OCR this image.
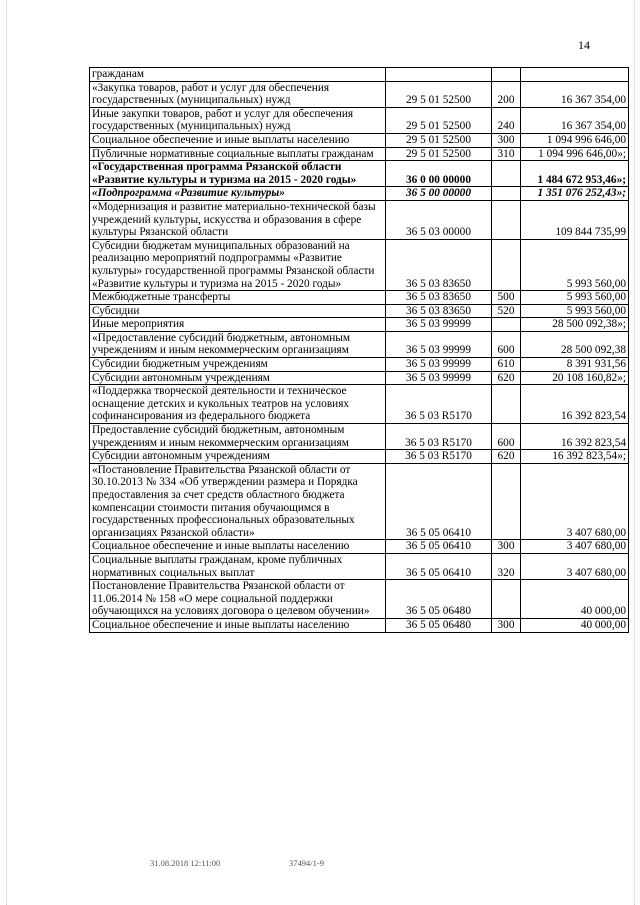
14
гражданам			
«Закупка товаров, работ и услуг для обеспечения государственных (муниципальных) нужд	29 5 01 52500	200	16 367 354,00
Иные закупки товаров, работ и услуг для обеспечения государственных (муниципальных) нужд	29 5 01 52500	240	16 367 354,00
Социальное обеспечение и иные выплаты населению	29 5 01 52500	300	1 094 996 646,00
Публичные нормативные социальные выплаты гражданам	29 5 01 52500	310	1 094 996 646,00»;
«Государственная программа Рязанской области «Развитие культуры и туризма на 2015 - 2020 годы»	36 0 00 00000		1 484 672 953,46»;
«Подпрограмма «Развитие культуры»	36 5 00 00000		1 351 076 252,43»;
«Модернизация и развитие материально-технической базы учреждений культуры, искусства и образования в сфере культуры Рязанской области	36 5 03 00000		109 844 735,99
Субсидии бюджетам муниципальных образований на реализацию мероприятий подпрограммы «Развитие культуры» государственной программы Рязанской области «Развитие культуры и туризма на 2015 - 2020 годы»	36 5 03 83650		5 993 560,00
Межбюджетные трансферты	36 5 03 83650	500	5 993 560,00
Субсидии	36 5 03 83650	520	5 993 560,00
Иные мероприятия	36 5 03 99999		28 500 092,38»;
«Предоставление субсидий бюджетным, автономным учреждениям и иным некоммерческим организациям	36 5 03 99999	600	28 500 092,38
Субсидии бюджетным учреждениям	36 5 03 99999	610	8 391 931,56
Субсидии автономным учреждениям	36 5 03 99999	620	20 108 160,82»;
«Поддержка творческой деятельности и техническое оснащение детских и кукольных театров на условиях софинансирования из федерального бюджета	36 5 03 R5170		16 392 823,54
Предоставление субсидий бюджетным, автономным учреждениям и иным некоммерческим организациям	36 5 03 R5170	600	16 392 823,54
Субсидии автономным учреждениям	36 5 03 R5170	620	16 392 823,54»;
«Постановление Правительства Рязанской области от 30.10.2013 № 334 «Об утверждении размера и Порядка предоставления за счет средств областного бюджета компенсации стоимости питания обучающимся в государственных профессиональных образовательных организациях Рязанской области»	36 5 05 06410		3 407 680,00
Социальное обеспечение и иные выплаты населению	36 5 05 06410	300	3 407 680,00
Социальные выплаты гражданам, кроме публичных нормативных социальных выплат	36 5 05 06410	320	3 407 680,00
Постановление Правительства Рязанской области от 11.06.2014 № 158 «О мере социальной поддержки обучающихся на условиях договора о целевом обучении»	36 5 05 06480		40 000,00
Социальное обеспечение и иные выплаты населению	36 5 05 06480	300	40 000,00
31.08.2018 12:11:00	37494/1-9
